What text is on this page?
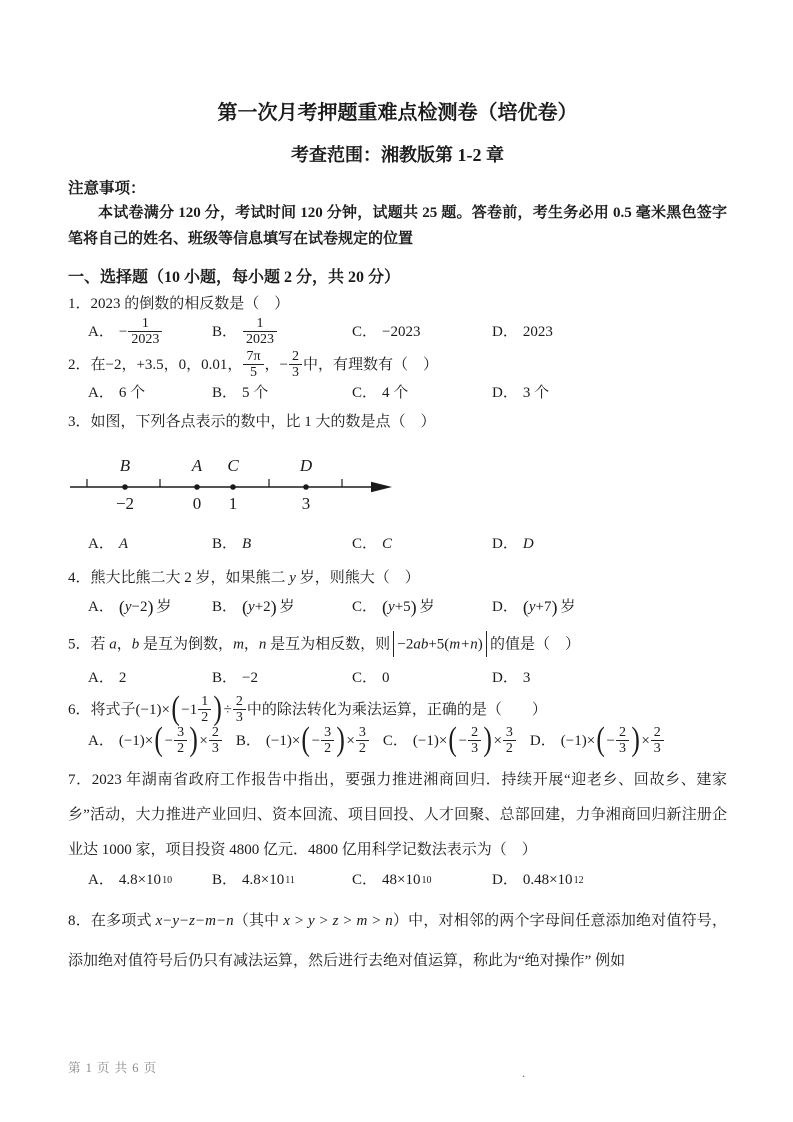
第一次月考押题重难点检测卷（培优卷）
考查范围：湘教版第 1-2 章
注意事项：
本试卷满分 120 分，考试时间 120 分钟，试题共 25 题。答卷前，考生务必用 0.5 毫米黑色签字笔将自己的姓名、班级等信息填写在试卷规定的位置
一、选择题（10 小题，每小题 2 分，共 20 分）
1．2023 的倒数的相反数是（　）
A． − $\frac{1}{2023}$	B．
1
2023	C． −2023	D． 2023
2．在−2，+3.5，0，0.01， $\frac{7\pi}{5}$ ，− $\frac{2}{3}$ 中，有理数有（　）
A． 6 个	B． 5 个	C． 4 个	D． 3 个
3．如图，下列各点表示的数中，比 1 大的数是点（　）
B	A C	D
−2	0 1	3
A． A	B． B	C． C	D． D
4．熊大比熊二大 2 岁，如果熊二 y 岁，则熊大（　）
A． ( y −2 ) 岁	B． ( y +2 ) 岁	C． ( y +5 ) 岁	D． ( y +7 ) 岁
5．若 a，b 是互为倒数，m，n 是互为相反数，则 −2ab+5(m+n) 的值是（　）
A． 2	B． −2	C． 0	D． 3
6．将式子$(-1)\times(-1 \frac{1}{2}$ )÷ $\frac{2}{3}$ 中的除法转化为乘法运算，正确的是（　　）
A． (−1)× ( − $\frac{3}{2}$ ) × $\frac{2}{3}$ B． (−1)× ( − $\frac{3}{2}$ ) × $\frac{3}{2}$ C． (−1)× ( − $\frac{2}{3}$ ) × $\frac{3}{2}$ D． (−1)× ( − $\frac{2}{3}$ ) × $\frac{2}{3}$
7．2023 年湖南省政府工作报告中指出，要强力推进湘商回归．持续开展“迎老乡、回故乡、建家乡”活动，大力推进产业回归、资本回流、项目回投、人才回聚、总部回建，力争湘商回归新注册企业达 1000 家，项目投资 4800 亿元．4800 亿用科学记数法表示为（　）
A． 4.8×10 10	B． 4.8×10 11	C． 48×10 10	D． 0.48×10 12
8．在多项式 x−y−z−m−n（其中 x > y > z > m > n）中，对相邻的两个字母间任意添加绝对值符号，添加绝对值符号后仍只有减法运算，然后进行去绝对值运算，称此为“绝对操作” 例如
第 1 页 共 6 页	.
